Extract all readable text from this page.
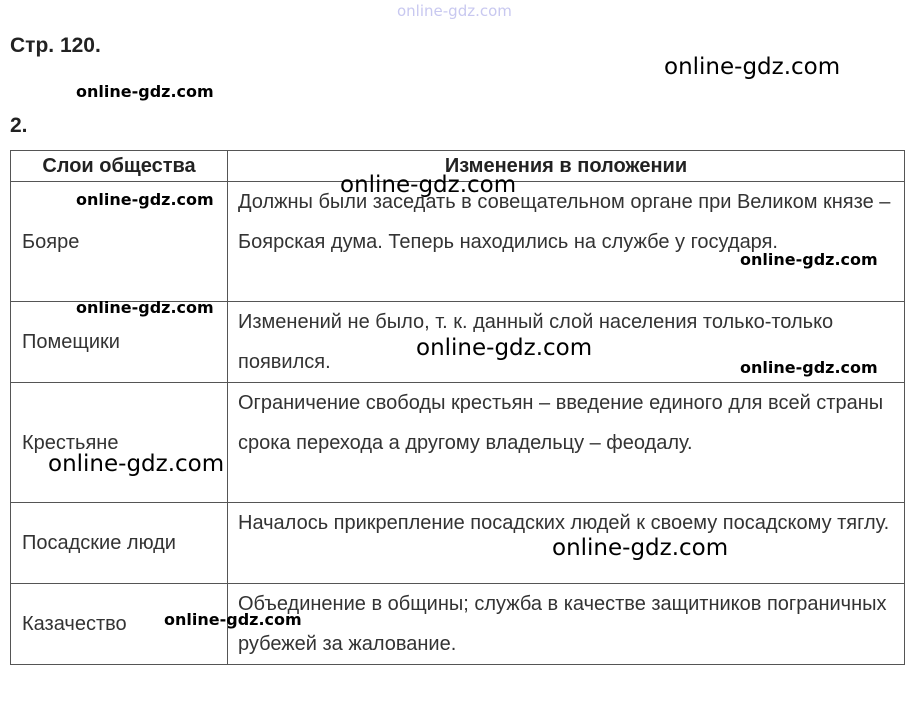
online-gdz.com
Стр. 120.
2.
Слои общества	Изменения в положении
Бояре	Должны были заседать в совещательном органе при Великом князе – Боярская дума. Теперь находились на службе у государя.
Помещики	Изменений не было, т. к. данный слой населения только-только появился.
Крестьяне	Ограничение свободы крестьян – введение единого для всей страны срока перехода а другому владельцу – феодалу.
Посадские люди	Началось прикрепление посадских людей к своему посадскому тяглу.
Казачество	Объединение в общины; служба в качестве защитников пограничных рубежей за жалование.
online-gdz.com
online-gdz.com
online-gdz.com
online-gdz.com
online-gdz.com
online-gdz.com
online-gdz.com
online-gdz.com
online-gdz.com
online-gdz.com
online-gdz.com
